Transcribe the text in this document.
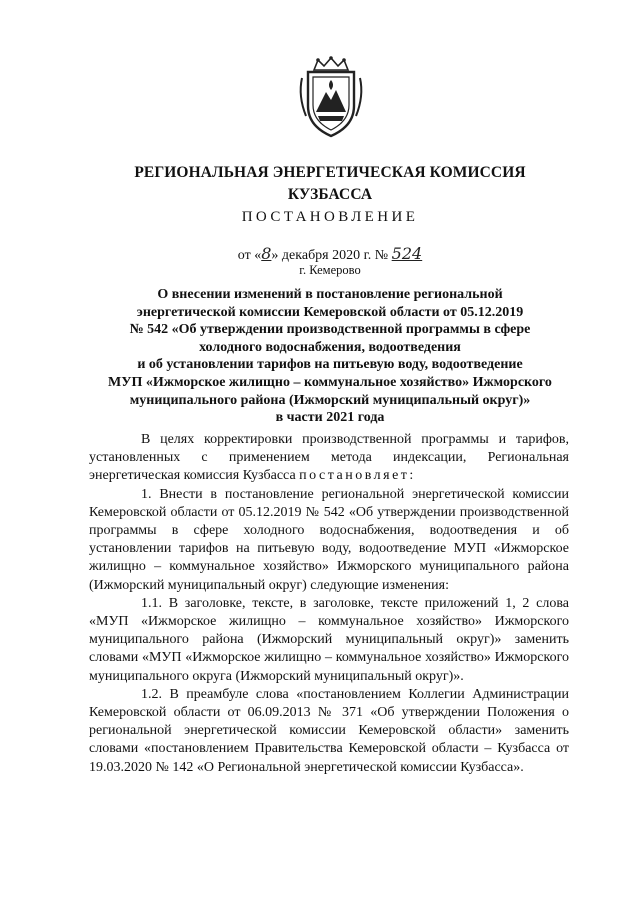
РЕГИОНАЛЬНАЯ ЭНЕРГЕТИЧЕСКАЯ КОМИССИЯ
КУЗБАССА
ПОСТАНОВЛЕНИЕ
от «8» декабря 2020 г. № 524
г. Кемерово
О внесении изменений в постановление региональной
энергетической комиссии Кемеровской области от 05.12.2019
№ 542 «Об утверждении производственной программы в сфере
холодного водоснабжения, водоотведения
и об установлении тарифов на питьевую воду, водоотведение
МУП «Ижморское жилищно – коммунальное хозяйство» Ижморского
муниципального района (Ижморский муниципальный округ)»
в части 2021 года

В целях корректировки производственной программы и тарифов, установленных с применением метода индексации, Региональная энергетическая комиссия Кузбасса постановляет:

1. Внести в постановление региональной энергетической комиссии Кемеровской области от 05.12.2019 № 542 «Об утверждении производственной программы в сфере холодного водоснабжения, водоотведения и об установлении тарифов на питьевую воду, водоотведение МУП «Ижморское жилищно – коммунальное хозяйство» Ижморского муниципального района (Ижморский муниципальный округ) следующие изменения:

1.1. В заголовке, тексте, в заголовке, тексте приложений 1, 2 слова «МУП «Ижморское жилищно – коммунальное хозяйство» Ижморского муниципального района (Ижморский муниципальный округ)» заменить словами «МУП «Ижморское жилищно – коммунальное хозяйство» Ижморского муниципального округа (Ижморский муниципальный округ)».

1.2. В преамбуле слова «постановлением Коллегии Администрации Кемеровской области от 06.09.2013 № 371 «Об утверждении Положения о региональной энергетической комиссии Кемеровской области» заменить словами «постановлением Правительства Кемеровской области – Кузбасса от 19.03.2020 № 142 «О Региональной энергетической комиссии Кузбасса».
